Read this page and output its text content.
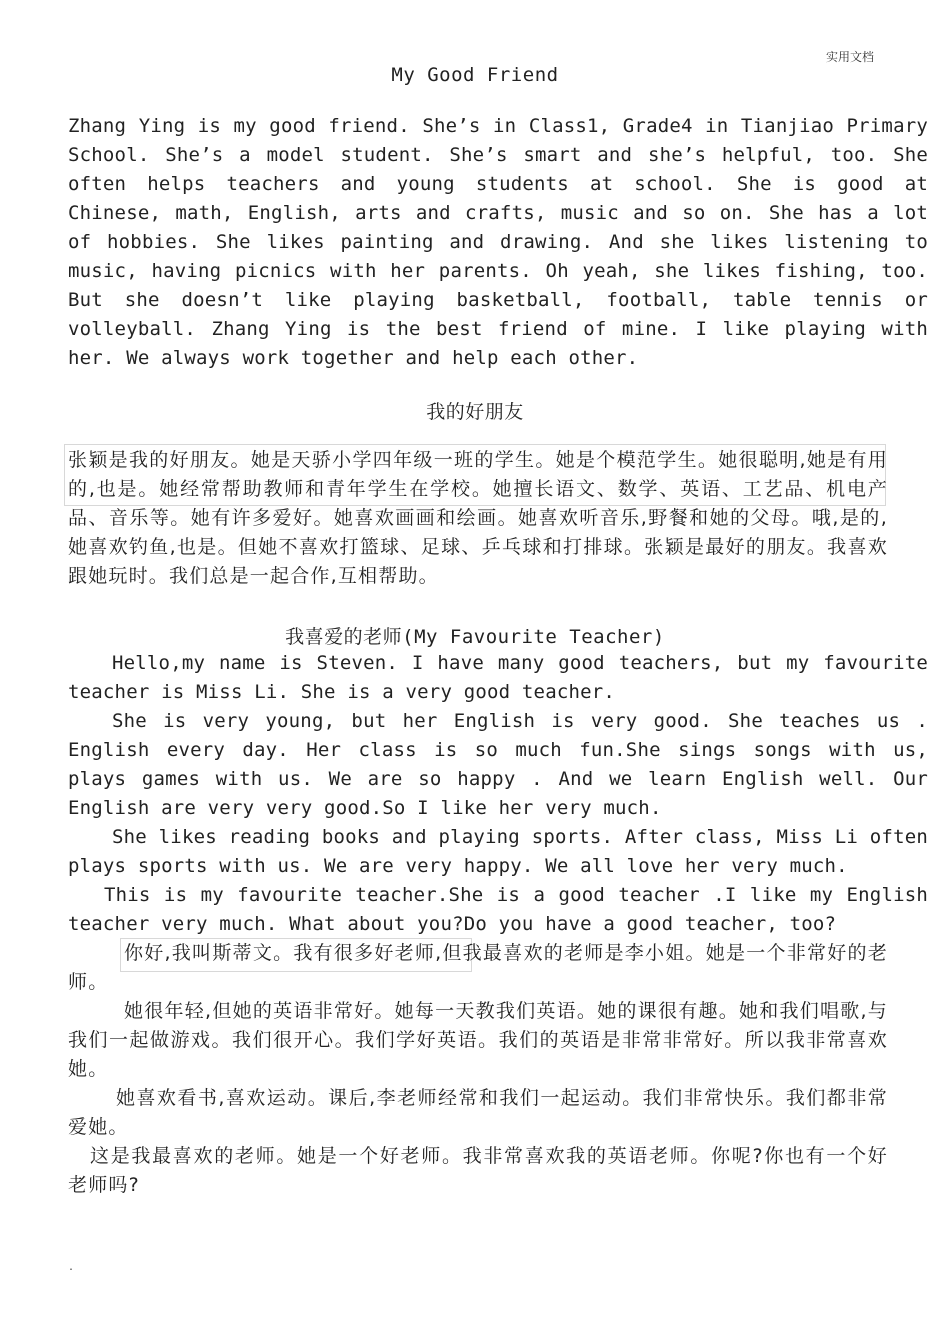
实用文档
My Good Friend

Zhang Ying is my good friend. She’s in Class1, Grade4 in Tianjiao Primary School. She’s a model student. She’s smart and she’s helpful, too. She often helps teachers and young students at school. She is good at Chinese, math, English, arts and crafts, music and so on. She has a lot of hobbies. She likes painting and drawing. And she likes listening to music, having picnics with her parents. Oh yeah, she likes fishing, too. But she doesn’t like playing basketball, football, table tennis or volleyball. Zhang Ying is the best friend of mine. I like playing with her. We always work together and help each other.

我的好朋友

张颖是我的好朋友。她是天骄小学四年级一班的学生。她是个模范学生。她很聪明,她是有用的,也是。她经常帮助教师和青年学生在学校。她擅长语文、数学、英语、工艺品、机电产品、音乐等。她有许多爱好。她喜欢画画和绘画。她喜欢听音乐,野餐和她的父母。哦,是的,她喜欢钓鱼,也是。但她不喜欢打篮球、足球、乒乓球和打排球。张颖是最好的朋友。我喜欢跟她玩时。我们总是一起合作,互相帮助。

我喜爱的老师(My Favourite Teacher)

Hello,my name is Steven. I have many good teachers, but my favourite teacher is Miss Li. She is a very good teacher.

She is very young, but her English is very good. She teaches us . English every day. Her class is so much fun.She sings songs with us, plays games with us. We are so happy . And we learn English well. Our English are very very good.So I like her very much.

She likes reading books and playing sports. After class, Miss Li often plays sports with us. We are very happy. We all love her very much.

This is my favourite teacher.She is a good teacher .I like my English teacher very much. What about you?Do you have a good teacher, too?

你好,我叫斯蒂文。我有很多好老师,但我最喜欢的老师是李小姐。她是一个非常好的老师。

她很年轻,但她的英语非常好。她每一天教我们英语。她的课很有趣。她和我们唱歌,与我们一起做游戏。我们很开心。我们学好英语。我们的英语是非常非常好。所以我非常喜欢她。

她喜欢看书,喜欢运动。课后,李老师经常和我们一起运动。我们非常快乐。我们都非常爱她。

这是我最喜欢的老师。她是一个好老师。我非常喜欢我的英语老师。你呢?你也有一个好老师吗?

.
